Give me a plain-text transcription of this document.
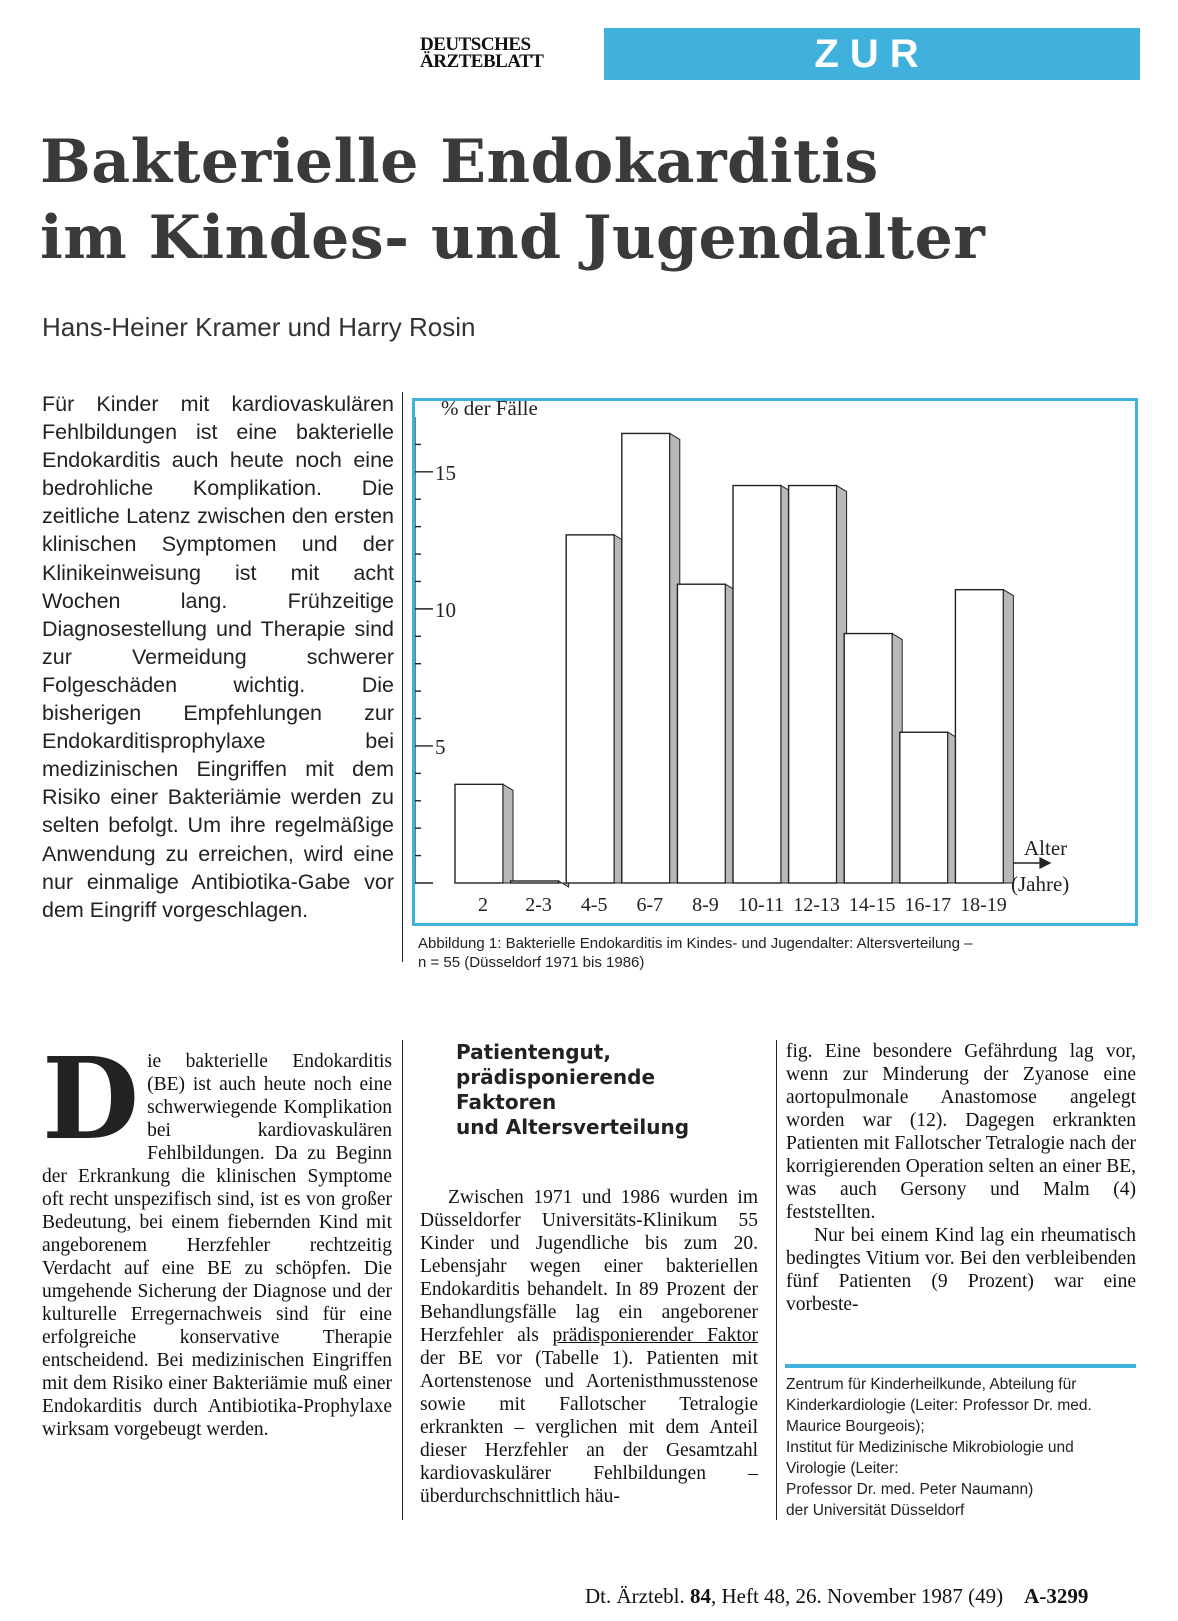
DEUTSCHES
ÄRZTEBLATT	ZUR FORTBILDUNG
Bakterielle Endokarditis
im Kindes- und Jugendalter
Hans-Heiner Kramer und Harry Rosin
Für Kinder mit kardiovaskulären Fehlbildungen ist eine bakterielle Endokarditis auch heute noch eine bedrohliche Komplikation. Die zeitliche Latenz zwischen den ersten klinischen Symptomen und der Klinikeinweisung ist mit acht Wochen lang. Frühzeitige Diagnosestellung und Therapie sind zur Vermeidung schwerer Folgeschäden wichtig. Die bisherigen Empfehlungen zur Endokarditisprophylaxe bei medizinischen Eingriffen mit dem Risiko einer Bakteriämie werden zu selten befolgt. Um ihre regelmäßige Anwendung zu erreichen, wird eine nur einmalige Antibiotika-Gabe vor dem Eingriff vorgeschlagen.
5
10
15
% der Fälle
2 2-3 4-5 6-7 8-9 10-11 12-13 14-15 16-17 18-19
Alter
(Jahre)
Abbildung 1: Bakterielle Endokarditis im Kindes- und Jugendalter: Altersverteilung –
n = 55 (Düsseldorf 1971 bis 1986)
D ie bakterielle Endokarditis (BE) ist auch heute noch eine schwerwiegende Komplikation bei kardiovaskulären Fehlbildungen. Da zu Beginn der Erkrankung die klinischen Symptome oft recht unspezifisch sind, ist es von großer Bedeutung, bei einem fiebernden Kind mit angeborenem Herzfehler rechtzeitig Verdacht auf eine BE zu schöpfen. Die umgehende Sicherung der Diagnose und der kulturelle Erregernachweis sind für eine erfolgreiche konservative Therapie entscheidend. Bei medizinischen Eingriffen mit dem Risiko einer Bakteriämie muß einer Endokarditis durch Antibiotika-Prophylaxe wirksam vorgebeugt werden.

Patientengut,
prädisponierende
Faktoren
und Altersverteilung

Zwischen 1971 und 1986 wurden im Düsseldorfer Universitäts-Klinikum 55 Kinder und Jugendliche bis zum 20. Lebensjahr wegen einer bakteriellen Endokarditis behandelt. In 89 Prozent der Behandlungsfälle lag ein angeborener Herzfehler als prädisponierender Faktor der BE vor (Tabelle 1). Patienten mit Aortenstenose und Aortenisthmusstenose sowie mit Fallotscher Tetralogie erkrankten – verglichen mit dem Anteil dieser Herzfehler an der Gesamtzahl kardiovaskulärer Fehlbildungen – überdurchschnittlich häu-

fig. Eine besondere Gefährdung lag vor, wenn zur Minderung der Zyanose eine aortopulmonale Anastomose angelegt worden war (12). Dagegen erkrankten Patienten mit Fallotscher Tetralogie nach der korrigierenden Operation selten an einer BE, was auch Gersony und Malm (4) feststellten.

Nur bei einem Kind lag ein rheumatisch bedingtes Vitium vor. Bei den verbleibenden fünf Patienten (9 Prozent) war eine vorbeste-

Zentrum für Kinderheilkunde, Abteilung für Kinderkardiologie (Leiter: Professor Dr. med. Maurice Bourgeois);
Institut für Medizinische Mikrobiologie und Virologie (Leiter:
Professor Dr. med. Peter Naumann)
der Universität Düsseldorf
Dt. Ärztebl. 84, Heft 48, 26. November 1987 (49) A-3299
